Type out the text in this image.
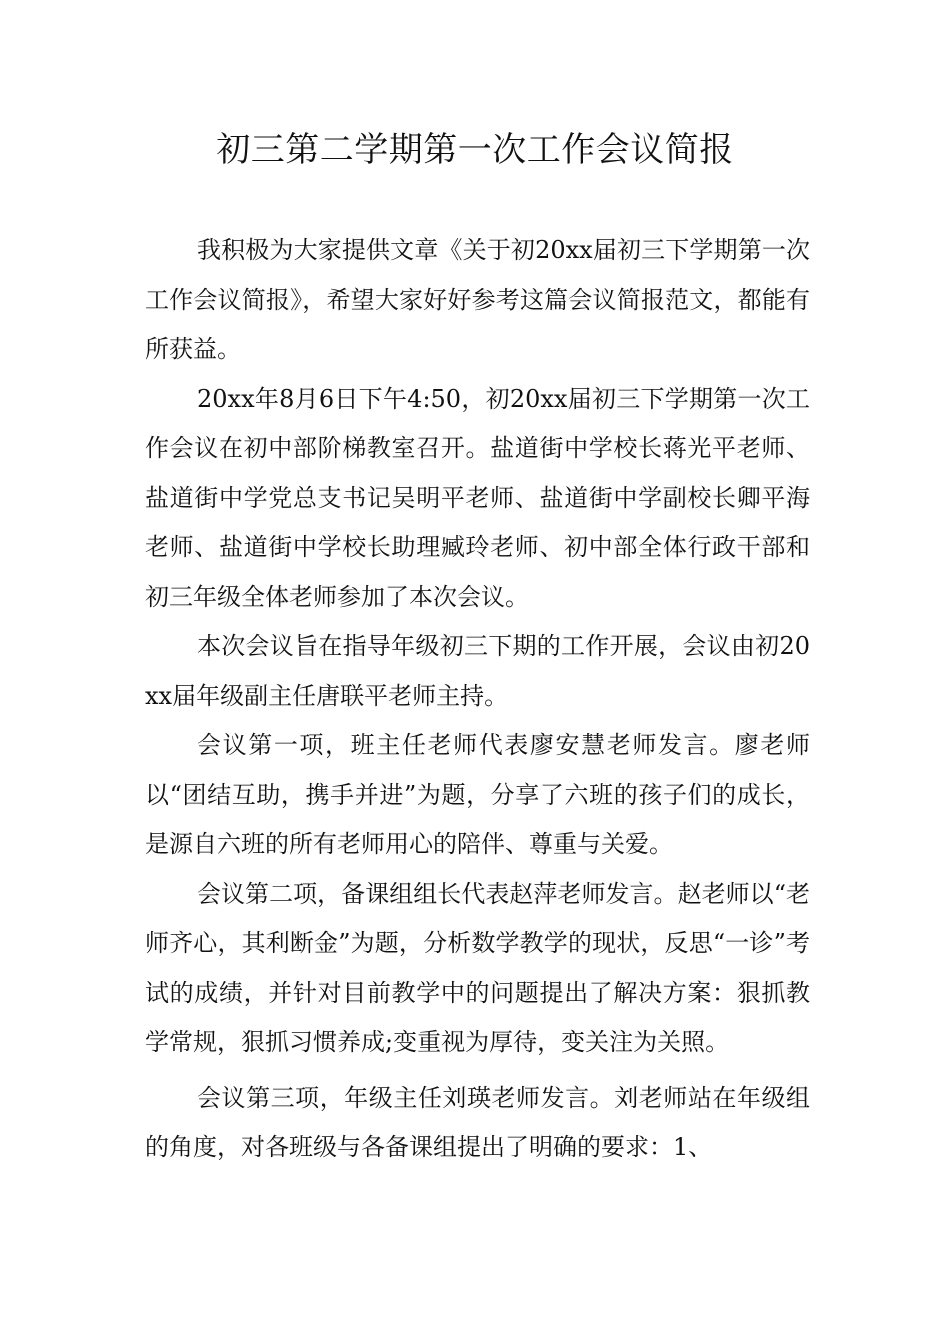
初三第二学期第一次工作会议简报

我积极为大家提供文章《关于初20xx届初三下学期第一次工作会议简报》，希望大家好好参考这篇会议简报范文，都能有所获益。

20xx年8月6日下午4:50，初20xx届初三下学期第一次工作会议在初中部阶梯教室召开。盐道街中学校长蒋光平老师、盐道街中学党总支书记吴明平老师、盐道街中学副校长卿平海老师、盐道街中学校长助理臧玲老师、初中部全体行政干部和初三年级全体老师参加了本次会议。

本次会议旨在指导年级初三下期的工作开展，会议由初20xx届年级副主任唐联平老师主持。

会议第一项，班主任老师代表廖安慧老师发言。廖老师以“团结互助，携手并进”为题，分享了六班的孩子们的成长，是源自六班的所有老师用心的陪伴、尊重与关爱。

会议第二项，备课组组长代表赵萍老师发言。赵老师以“老师齐心，其利断金”为题，分析数学教学的现状，反思“一诊”考试的成绩，并针对目前教学中的问题提出了解决方案：狠抓教学常规，狠抓习惯养成;变重视为厚待，变关注为关照。

会议第三项，年级主任刘瑛老师发言。刘老师站在年级组的角度，对各班级与各备课组提出了明确的要求：1、
